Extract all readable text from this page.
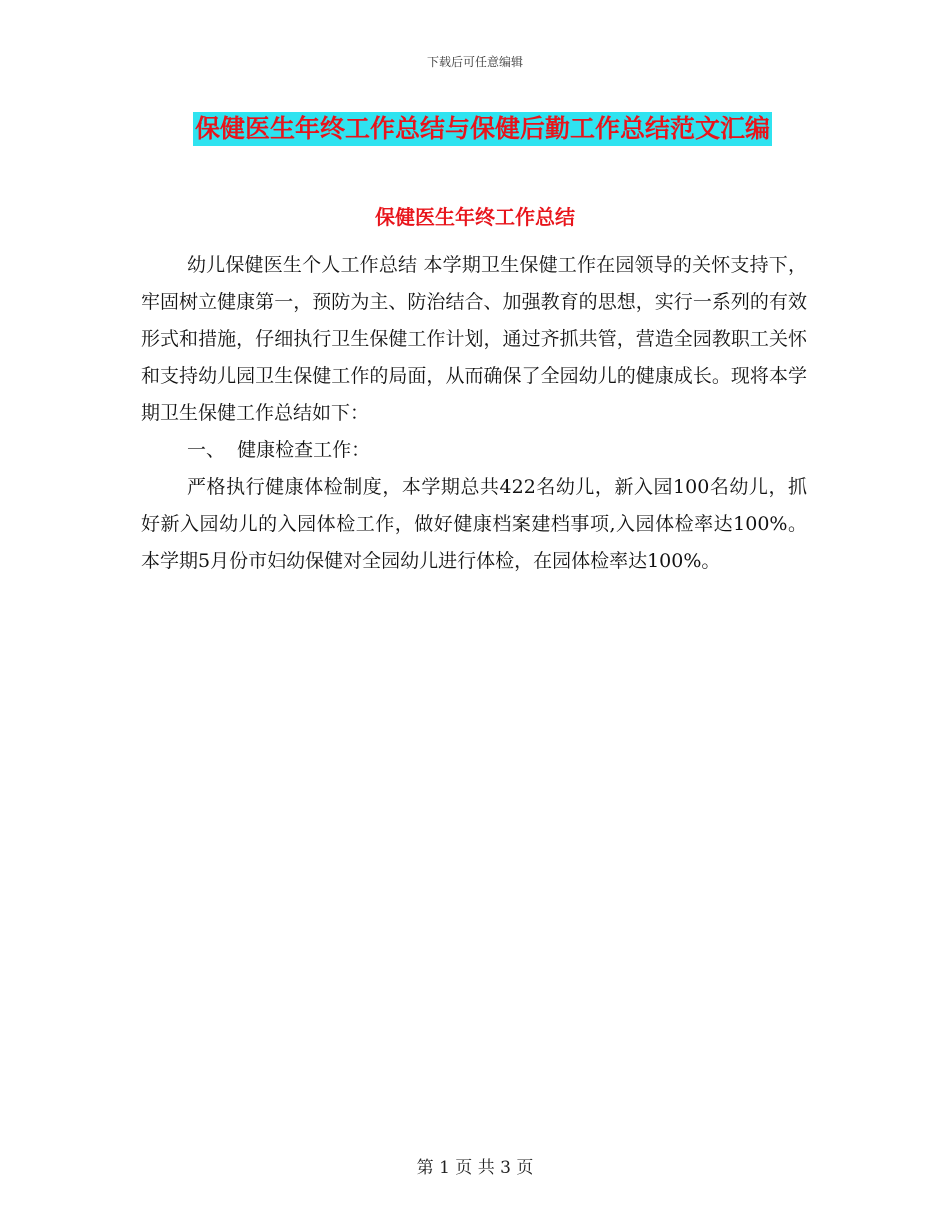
下载后可任意编辑
保健医生年终工作总结与保健后勤工作总结范文汇编
保健医生年终工作总结

幼儿保健医生个人工作总结 本学期卫生保健工作在园领导的关怀支持下，牢固树立健康第一，预防为主、防治结合、加强教育的思想，实行一系列的有效形式和措施，仔细执行卫生保健工作计划，通过齐抓共管，营造全园教职工关怀和支持幼儿园卫生保健工作的局面，从而确保了全园幼儿的健康成长。现将本学期卫生保健工作总结如下：

一、  健康检查工作：

严格执行健康体检制度，本学期总共422名幼儿，新入园100名幼儿，抓好新入园幼儿的入园体检工作，做好健康档案建档事项,入园体检率达100%。本学期5月份市妇幼保健对全园幼儿进行体检，在园体检率达100%。

第 1 页 共 3 页
